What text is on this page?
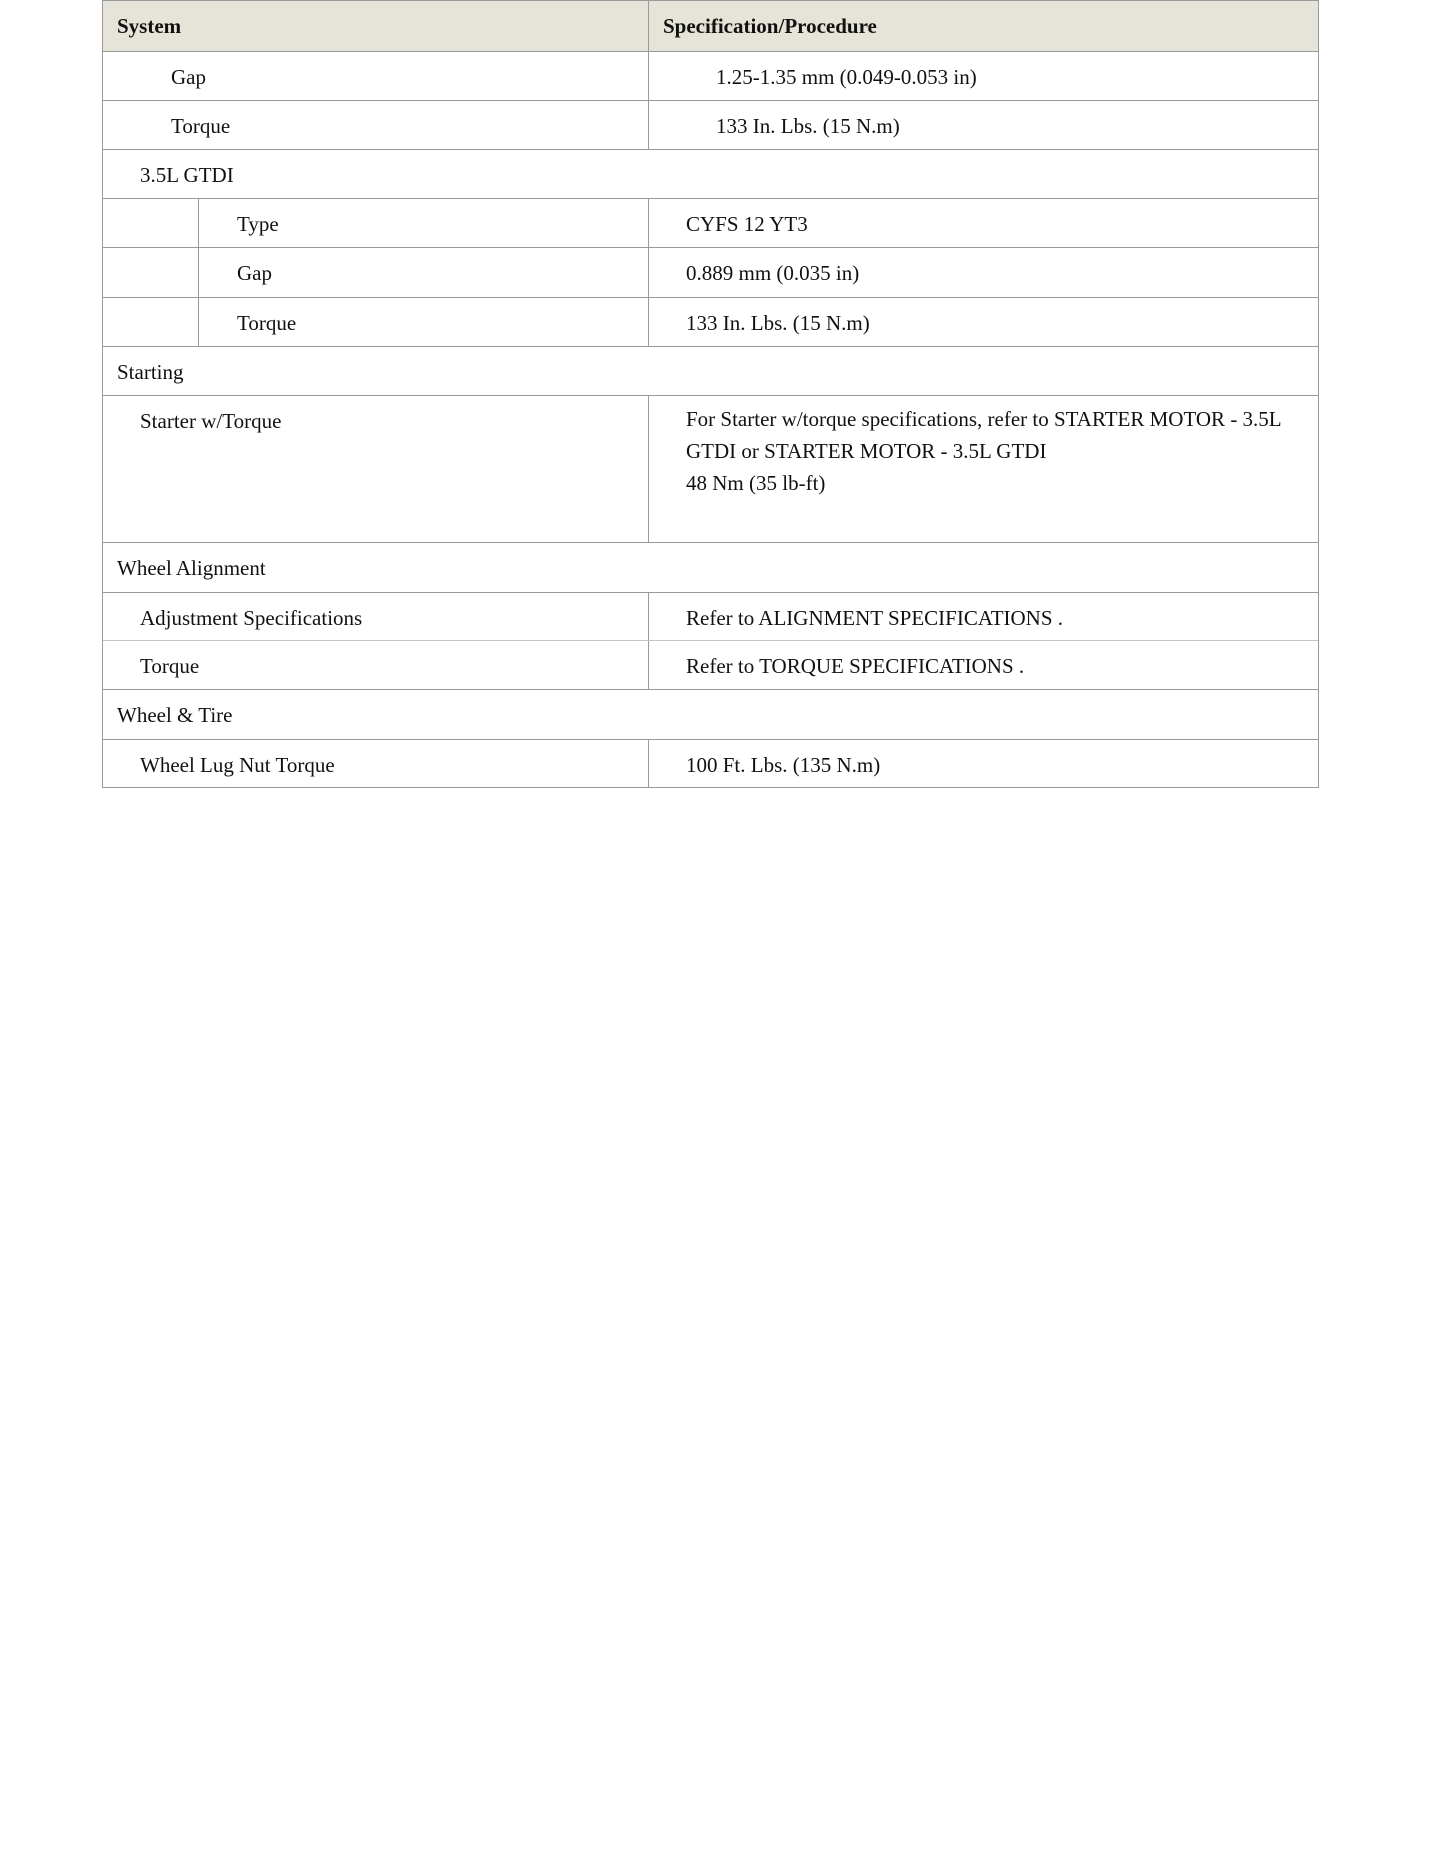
System	Specification/Procedure
Gap	1.25-1.35 mm (0.049-0.053 in)
Torque	133 In. Lbs. (15 N.m)
3.5L GTDI
Type	CYFS 12 YT3
Gap	0.889 mm (0.035 in)
Torque	133 In. Lbs. (15 N.m)
Starting
Starter w/Torque	For Starter w/torque specifications, refer to STARTER MOTOR - 3.5L GTDI or STARTER MOTOR - 3.5L GTDI
48 Nm (35 lb-ft)
Wheel Alignment
Adjustment Specifications	Refer to ALIGNMENT SPECIFICATIONS .
Torque	Refer to TORQUE SPECIFICATIONS .
Wheel & Tire
Wheel Lug Nut Torque	100 Ft. Lbs. (135 N.m)
